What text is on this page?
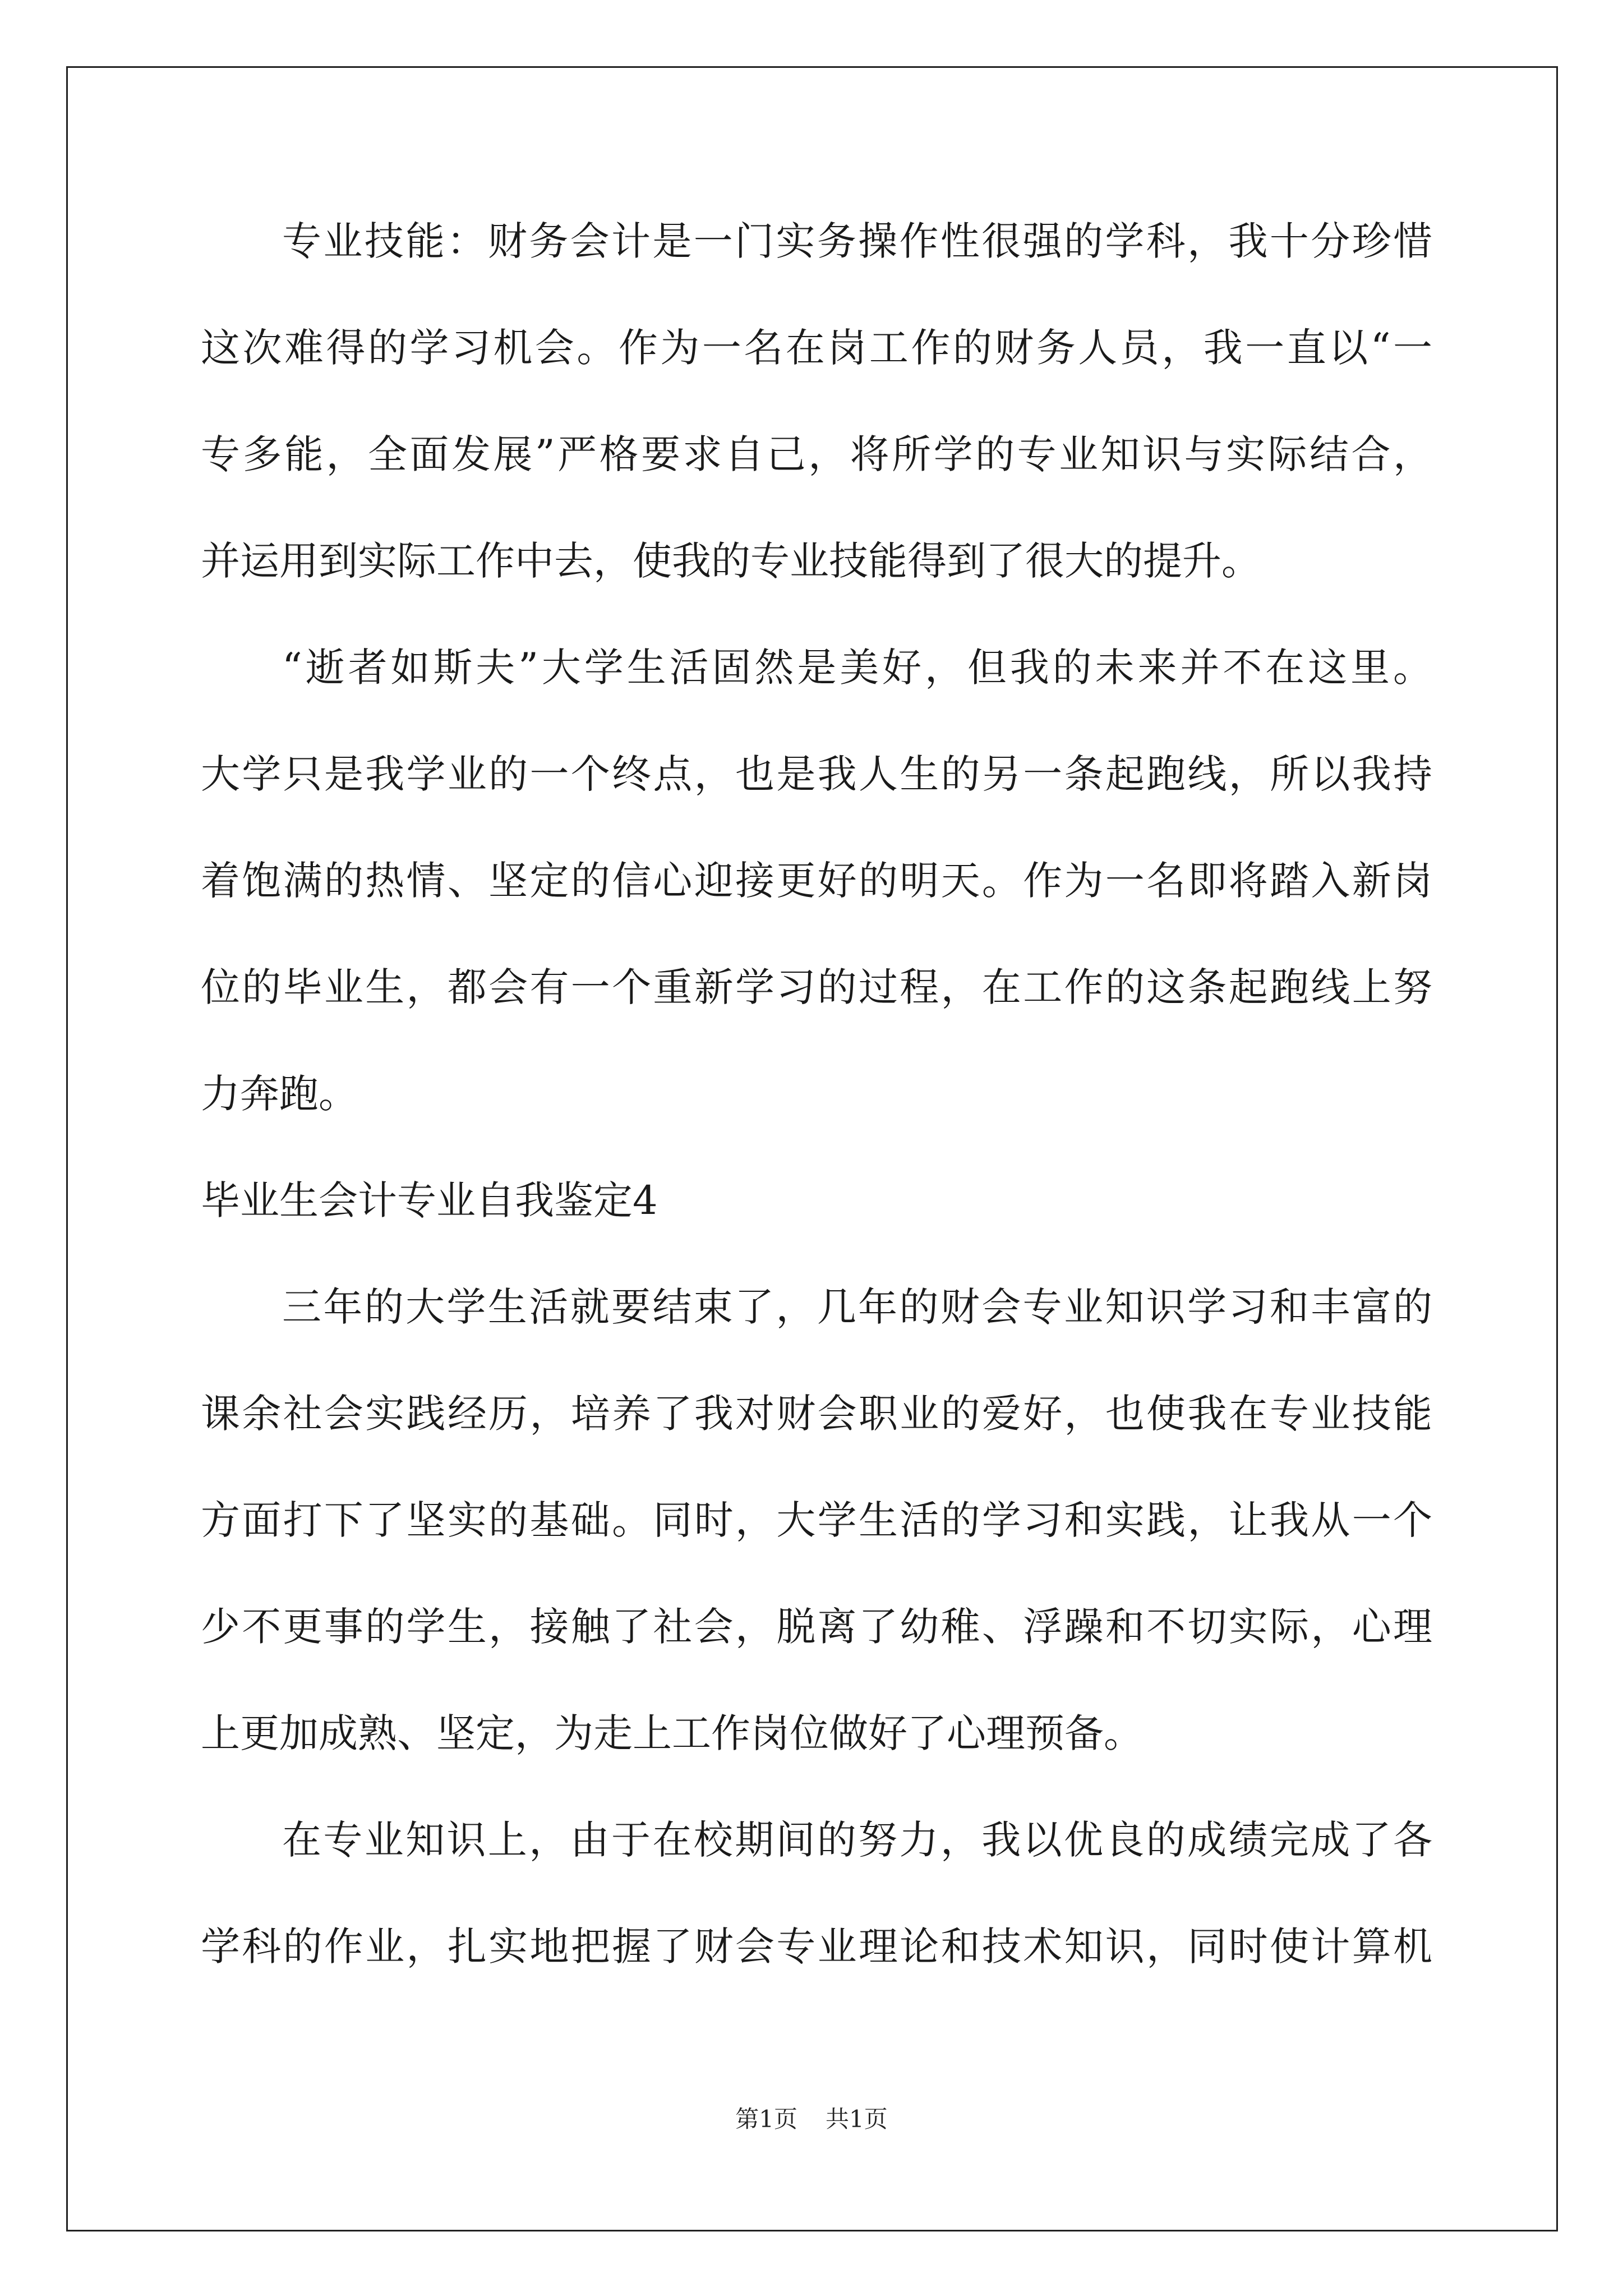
专业技能：财务会计是一门实务操作性很强的学科，我十分珍惜
这次难得的学习机会。作为一名在岗工作的财务人员，我一直以“一
专多能，全面发展”严格要求自己，将所学的专业知识与实际结合，
并运用到实际工作中去，使我的专业技能得到了很大的提升。
“逝者如斯夫”大学生活固然是美好，但我的未来并不在这里。
大学只是我学业的一个终点，也是我人生的另一条起跑线，所以我持
着饱满的热情、坚定的信心迎接更好的明天。作为一名即将踏入新岗
位的毕业生，都会有一个重新学习的过程，在工作的这条起跑线上努
力奔跑。
毕业生会计专业自我鉴定4
三年的大学生活就要结束了，几年的财会专业知识学习和丰富的
课余社会实践经历，培养了我对财会职业的爱好，也使我在专业技能
方面打下了坚实的基础。同时，大学生活的学习和实践，让我从一个
少不更事的学生，接触了社会，脱离了幼稚、浮躁和不切实际，心理
上更加成熟、坚定，为走上工作岗位做好了心理预备。
在专业知识上，由于在校期间的努力，我以优良的成绩完成了各
学科的作业，扎实地把握了财会专业理论和技术知识，同时使计算机
第1页 共1页
